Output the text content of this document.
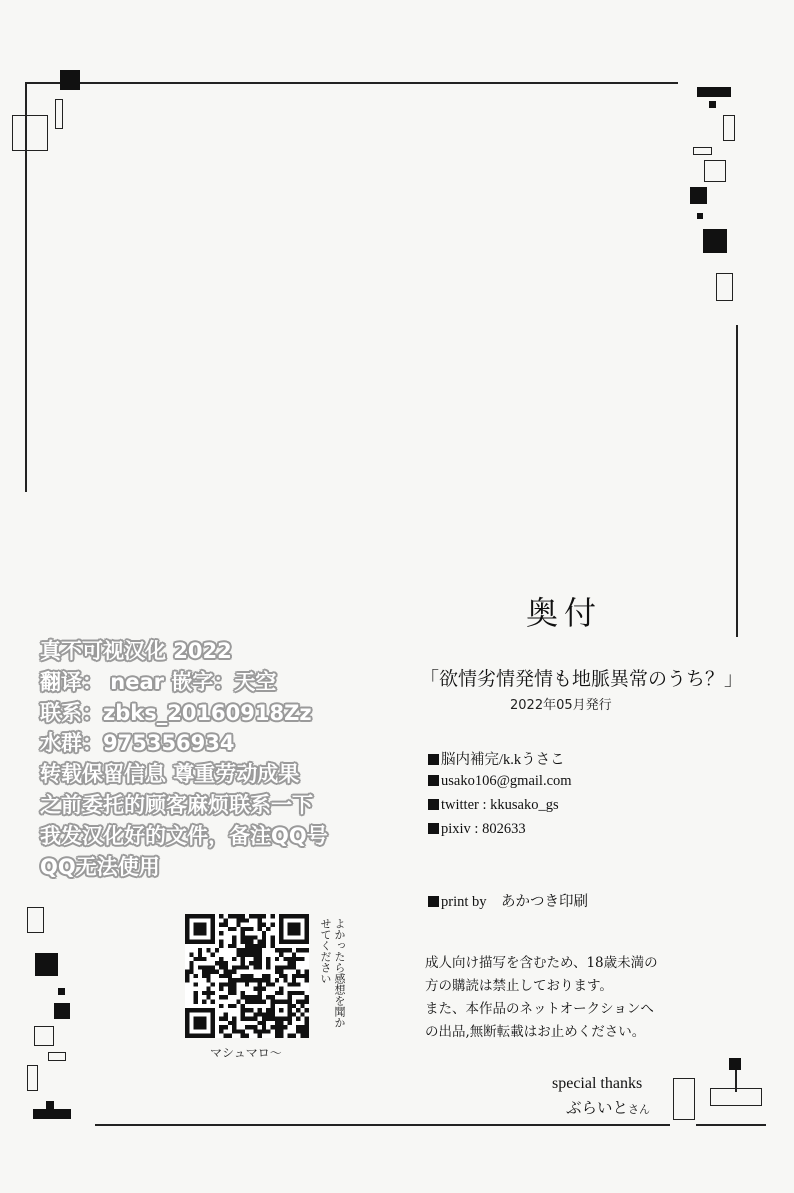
奥付
「欲情劣情発情も地脈異常のうち？」
2022年05月発行
脳内補完/k.kうさこ
usako106@gmail.com
twitter : kkusako_gs
pixiv : 802633
print by　あかつき印刷
成人向け描写を含むため、18歳未満の
方の購読は禁止しております。
また、本作品のネットオークションへ
の出品,無断転載はお止めください。
special thanks
ぶらいとさん
よかったら感想を聞かせてください
マシュマロ〜
真不可视汉化 2022
翻译： near 嵌字：天空
联系：zbks_20160918Zz
水群：975356934
转载保留信息 尊重劳动成果
之前委托的顾客麻烦联系一下
我发汉化好的文件，备注QQ号
QQ无法使用
